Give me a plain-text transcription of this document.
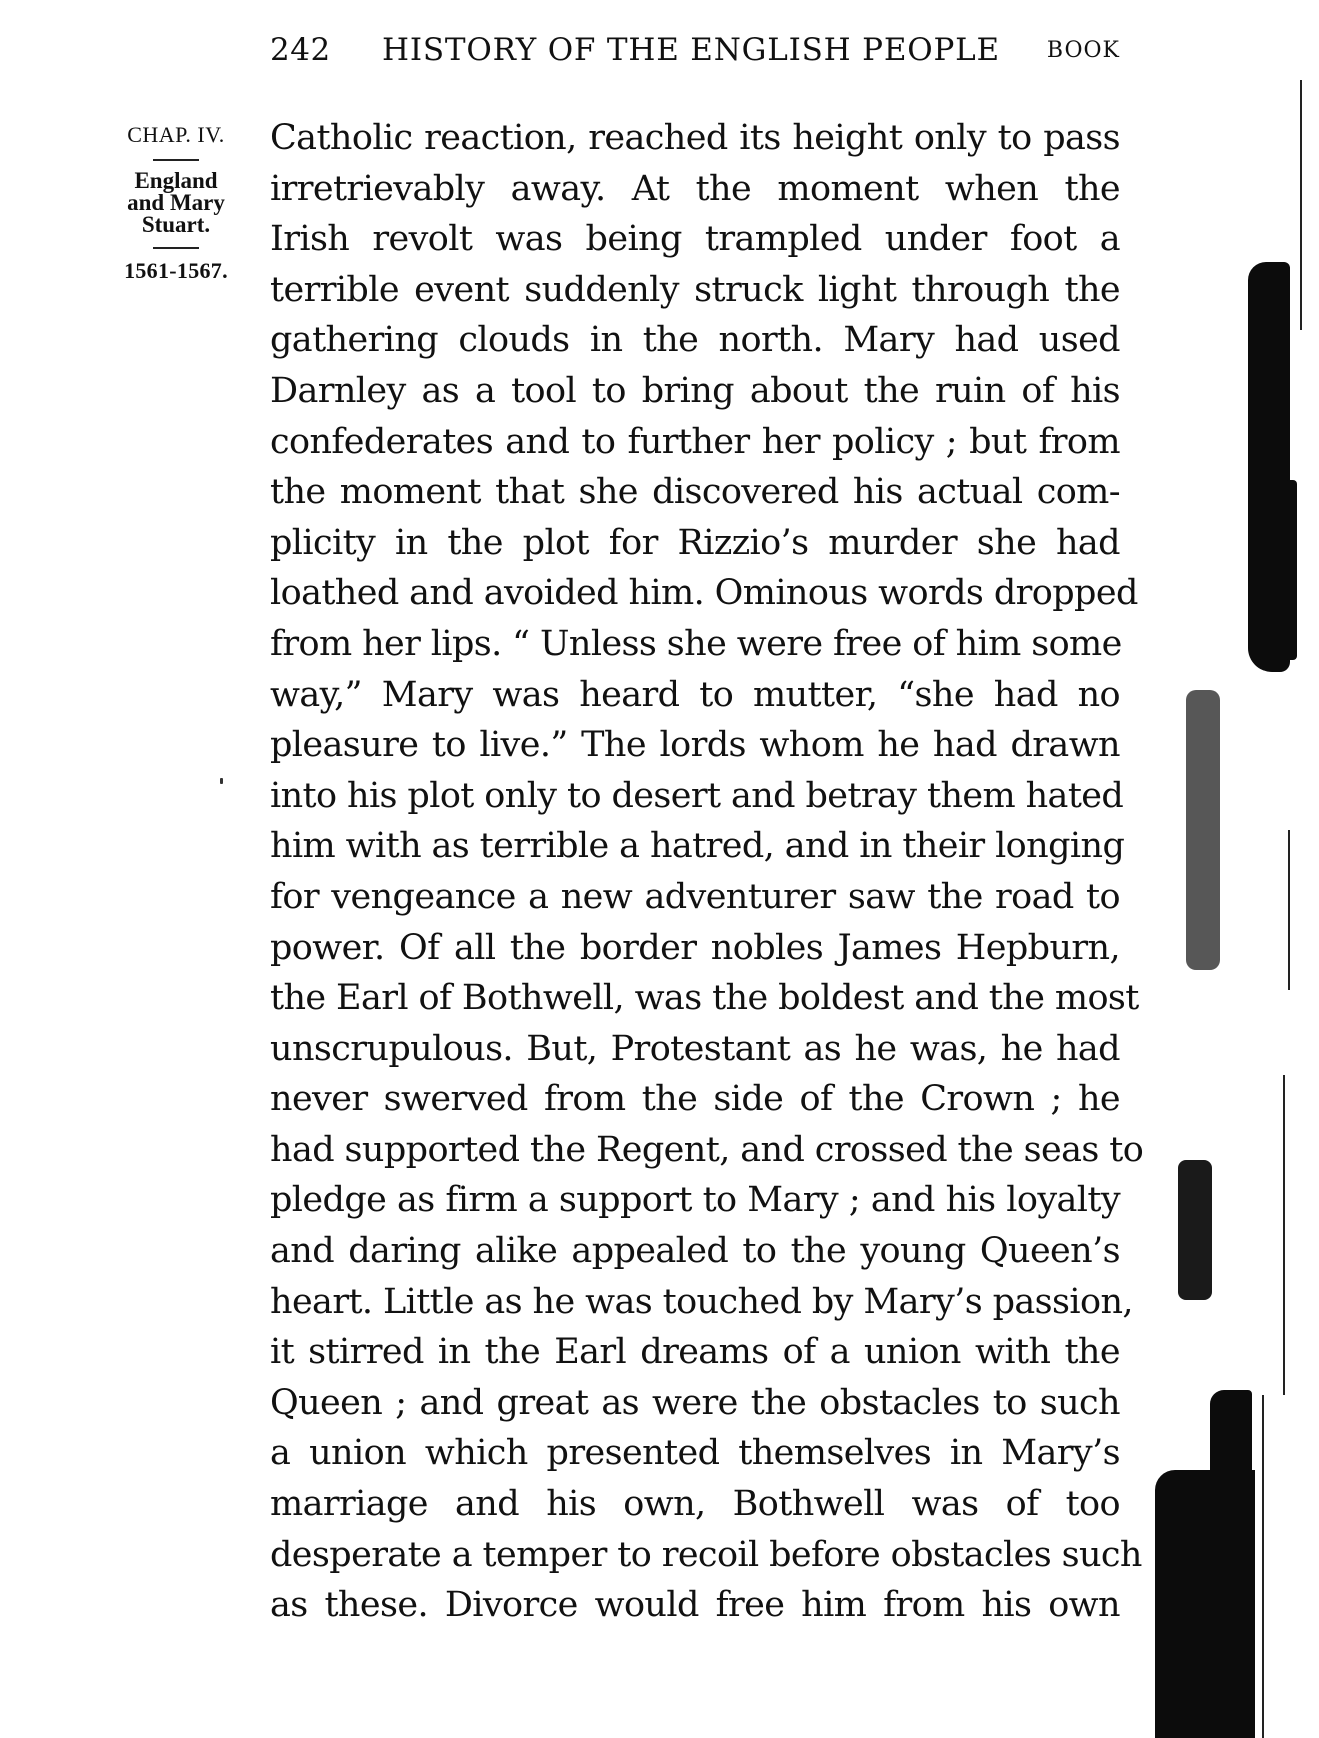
242 HISTORY OF THE ENGLISH PEOPLE BOOK
CHAP. IV.
England
and Mary
Stuart.
1561-1567.
Catholic reaction, reached its height only to pass
irretrievably away. At the moment when the
Irish revolt was being trampled under foot a
terrible event suddenly struck light through the
gathering clouds in the north. Mary had used
Darnley as a tool to bring about the ruin of his
confederates and to further her policy ; but from
the moment that she discovered his actual com-
plicity in the plot for Rizzio’s murder she had
loathed and avoided him. Ominous words dropped
from her lips. “ Unless she were free of him some
way,” Mary was heard to mutter, “she had no
pleasure to live.” The lords whom he had drawn
into his plot only to desert and betray them hated
him with as terrible a hatred, and in their longing
for vengeance a new adventurer saw the road to
power. Of all the border nobles James Hepburn,
the Earl of Bothwell, was the boldest and the most
unscrupulous. But, Protestant as he was, he had
never swerved from the side of the Crown ; he
had supported the Regent, and crossed the seas to
pledge as firm a support to Mary ; and his loyalty
and daring alike appealed to the young Queen’s
heart. Little as he was touched by Mary’s passion,
it stirred in the Earl dreams of a union with the
Queen ; and great as were the obstacles to such
a union which presented themselves in Mary’s
marriage and his own, Bothwell was of too
desperate a temper to recoil before obstacles such
as these. Divorce would free him from his own
